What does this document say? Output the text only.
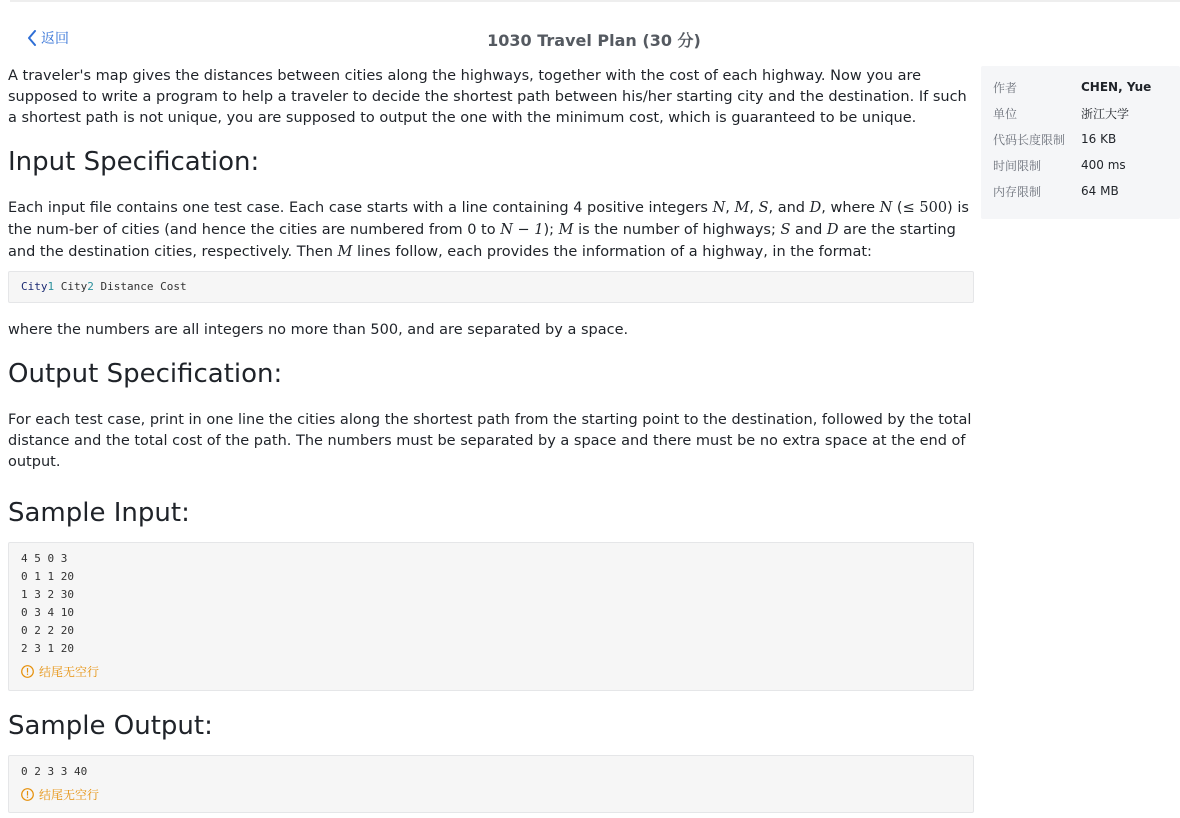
返回	1030 Travel Plan (30 分)

A traveler's map gives the distances between cities along the highways, together with the cost of each highway. Now you are supposed to write a program to help a traveler to decide the shortest path between his/her starting city and the destination. If such a shortest path is not unique, you are supposed to output the one with the minimum cost, which is guaranteed to be unique.

Input Specification:

Each input file contains one test case. Each case starts with a line containing 4 positive integers N, M, S, and D, where N (≤ 500) is the num-ber of cities (and hence the cities are numbered from 0 to N − 1); M is the number of highways; S and D are the starting and the destination cities, respectively. Then M lines follow, each provides the information of a highway, in the format:

City1 City2 Distance Cost

where the numbers are all integers no more than 500, and are separated by a space.

Output Specification:

For each test case, print in one line the cities along the shortest path from the starting point to the destination, followed by the total distance and the total cost of the path. The numbers must be separated by a space and there must be no extra space at the end of output.

Sample Input:
4 5 0 3
0 1 1 20
1 3 2 30
0 3 4 10
0 2 2 20
2 3 1 20
结尾无空行
Sample Output:
0 2 3 3 40
结尾无空行
作者	CHEN, Yue
单位	浙江大学
代码长度限制	16 KB
时间限制	400 ms
内存限制	64 MB
